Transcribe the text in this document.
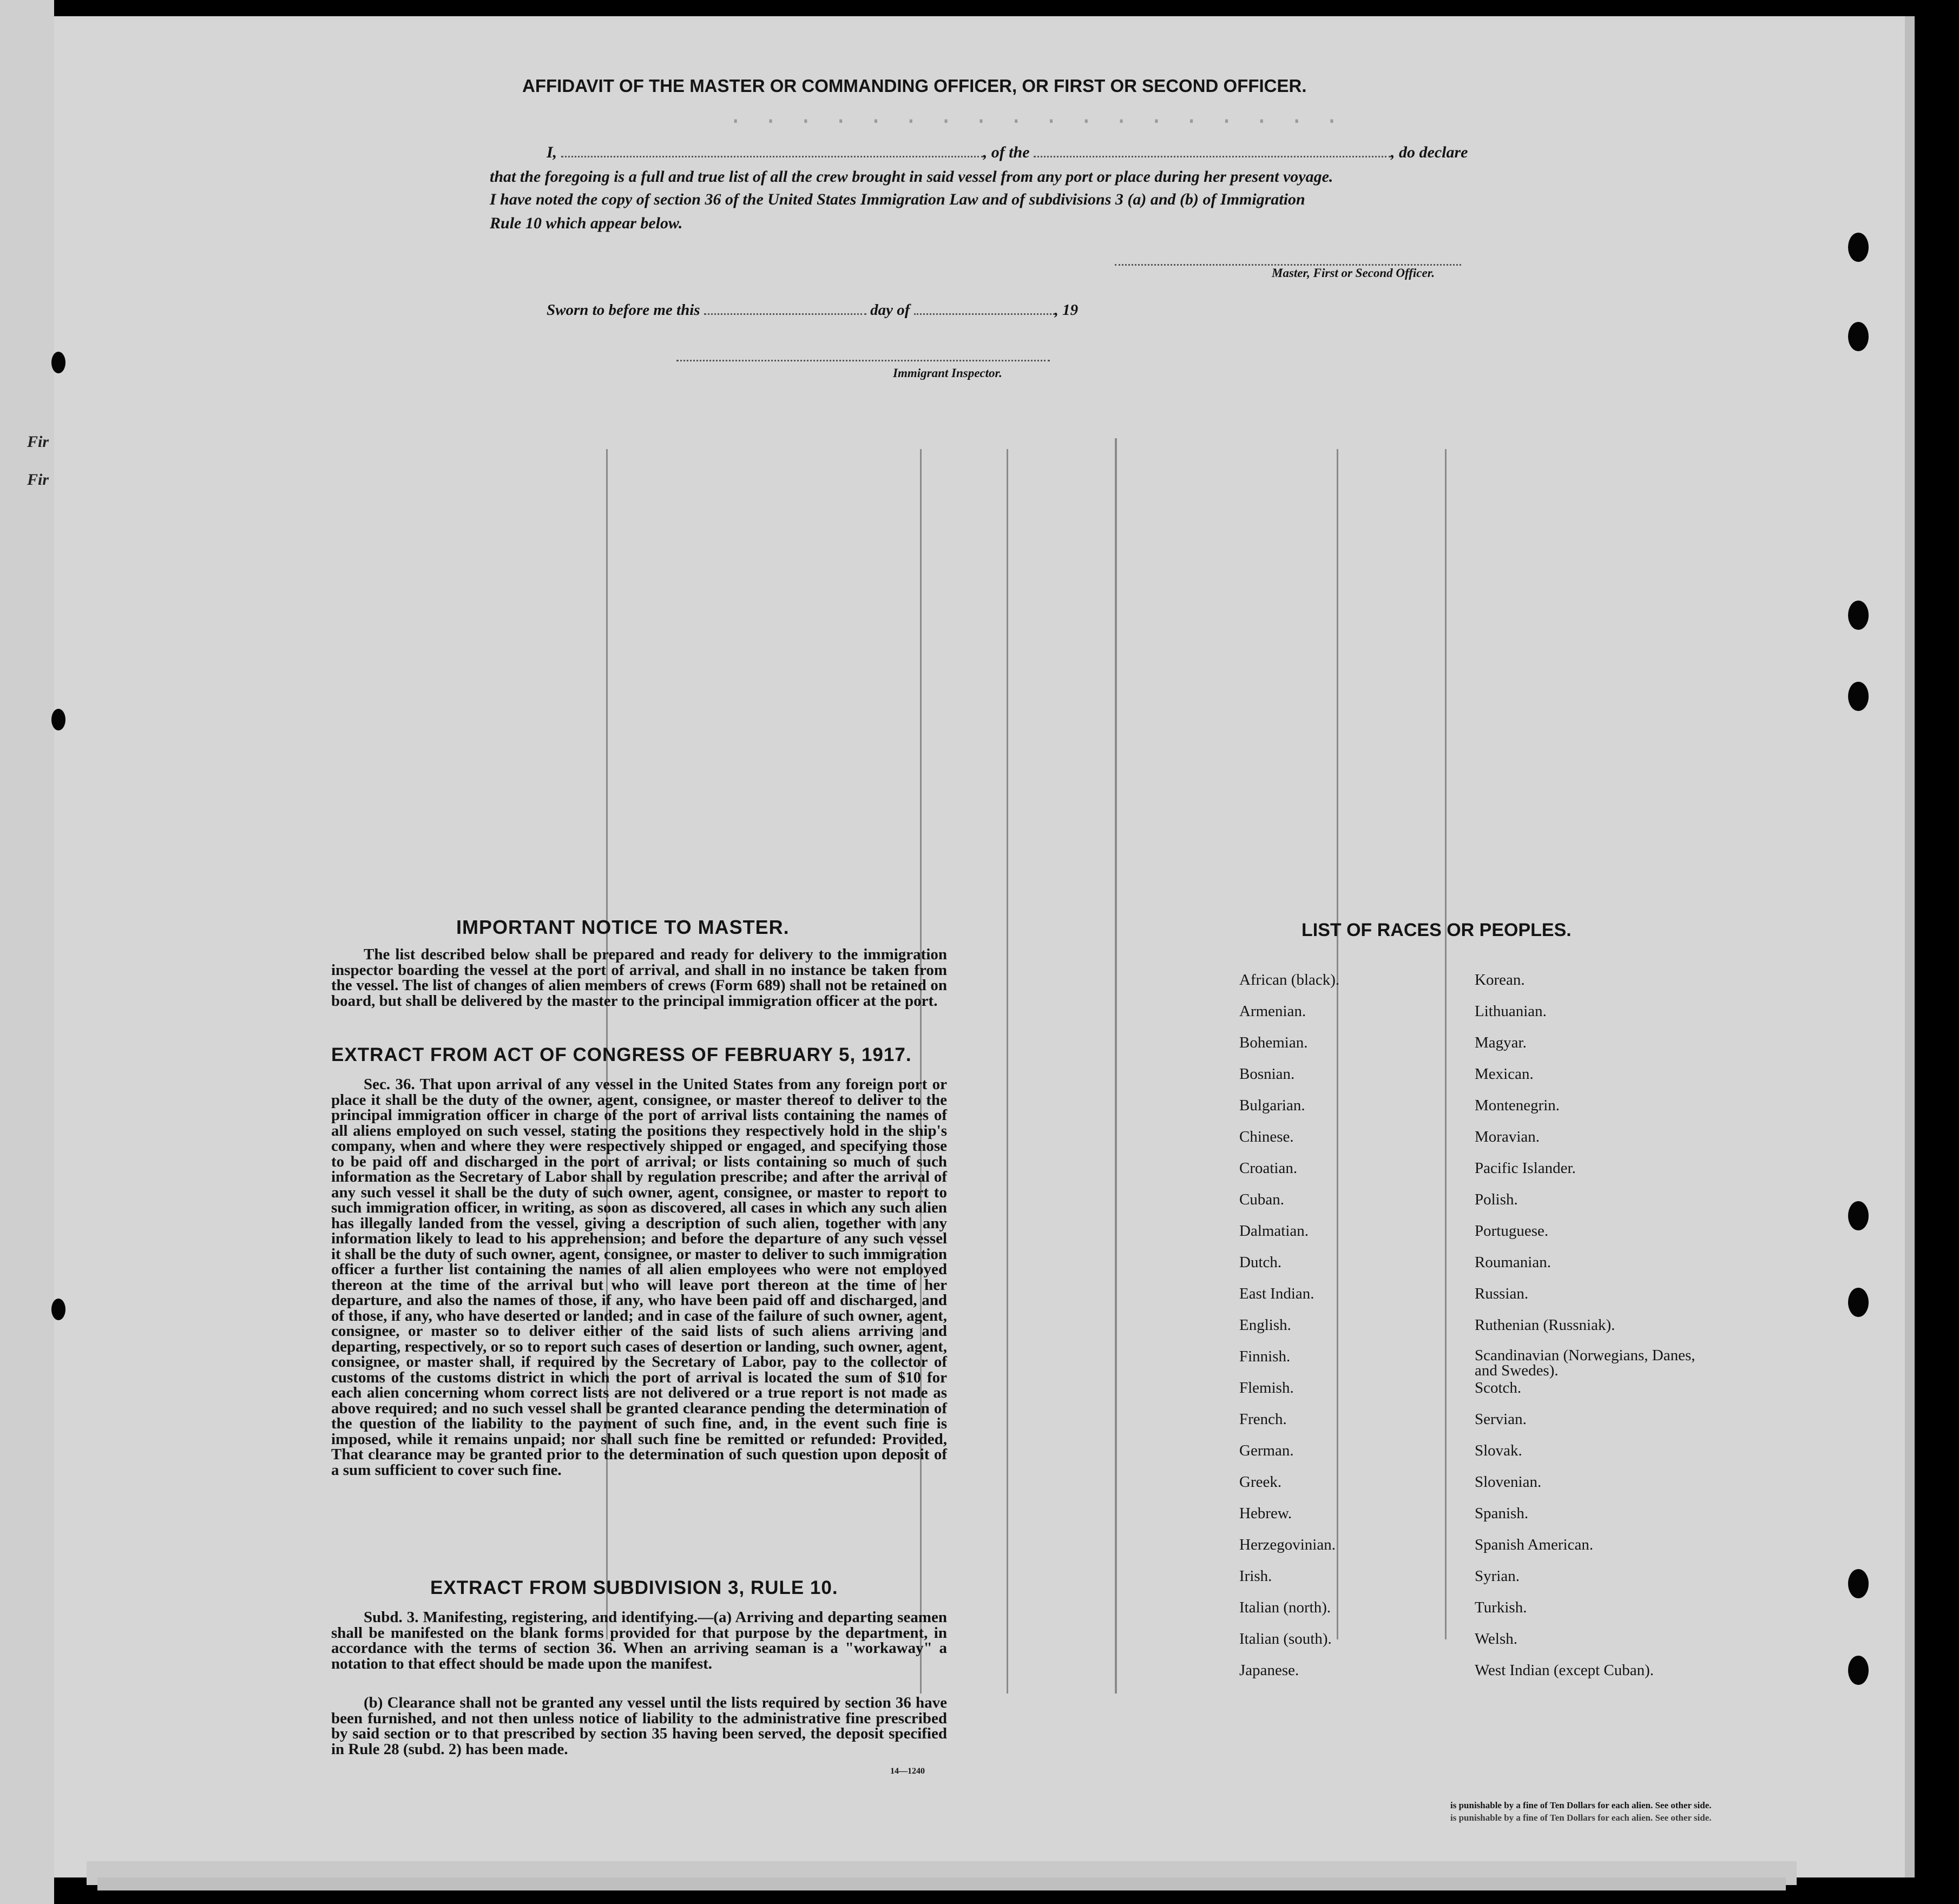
· · · · · · · · · · · · · · · · · ·
Fir
Fir
AFFIDAVIT OF THE MASTER OR COMMANDING OFFICER, OR FIRST OR SECOND OFFICER.
I,	, of the	, do declare
that the foregoing is a full and true list of all the crew brought in said vessel from any port or place during her present voyage.
I have noted the copy of section 36 of the United States Immigration Law and of subdivisions 3 (a) and (b) of Immigration
Rule 10 which appear below.
Master, First or Second Officer.
Sworn to before me this	day of	, 19
Immigrant Inspector.
IMPORTANT NOTICE TO MASTER.
The list described below shall be prepared and ready for delivery to the immigration inspector boarding the vessel at the port of arrival, and shall in no instance be taken from the vessel. The list of changes of alien members of crews (Form 689) shall not be retained on board, but shall be delivered by the master to the principal immigration officer at the port.
EXTRACT FROM ACT OF CONGRESS OF FEBRUARY 5, 1917.
Sec. 36. That upon arrival of any vessel in the United States from any foreign port or place it shall be the duty of the owner, agent, consignee, or master thereof to deliver to the principal immigration officer in charge of the port of arrival lists containing the names of all aliens employed on such vessel, stating the positions they respectively hold in the ship's company, when and where they were respectively shipped or engaged, and specifying those to be paid off and discharged in the port of arrival; or lists containing so much of such information as the Secretary of Labor shall by regulation prescribe; and after the arrival of any such vessel it shall be the duty of such owner, agent, consignee, or master to report to such immigration officer, in writing, as soon as discovered, all cases in which any such alien has illegally landed from the vessel, giving a description of such alien, together with any information likely to lead to his apprehension; and before the departure of any such vessel it shall be the duty of such owner, agent, consignee, or master to deliver to such immigration officer a further list containing the names of all alien employees who were not employed thereon at the time of the arrival but who will leave port thereon at the time of her departure, and also the names of those, if any, who have been paid off and discharged, and of those, if any, who have deserted or landed; and in case of the failure of such owner, agent, consignee, or master so to deliver either of the said lists of such aliens arriving and departing, respectively, or so to report such cases of desertion or landing, such owner, agent, consignee, or master shall, if required by the Secretary of Labor, pay to the collector of customs of the customs district in which the port of arrival is located the sum of $10 for each alien concerning whom correct lists are not delivered or a true report is not made as above required; and no such vessel shall be granted clearance pending the determination of the question of the liability to the payment of such fine, and, in the event such fine is imposed, while it remains unpaid; nor shall such fine be remitted or refunded: Provided, That clearance may be granted prior to the determination of such question upon deposit of a sum sufficient to cover such fine.
EXTRACT FROM SUBDIVISION 3, RULE 10.
Subd. 3. Manifesting, registering, and identifying.—(a) Arriving and departing seamen shall be manifested on the blank forms provided for that purpose by the department, in accordance with the terms of section 36. When an arriving seaman is a "workaway" a notation to that effect should be made upon the manifest.
(b) Clearance shall not be granted any vessel until the lists required by section 36 have been furnished, and not then unless notice of liability to the administrative fine prescribed by said section or to that prescribed by section 35 having been served, the deposit specified in Rule 28 (subd. 2) has been made.
14—1240
LIST OF RACES OR PEOPLES.
African (black).
Armenian.
Bohemian.
Bosnian.
Bulgarian.
Chinese.
Croatian.
Cuban.
Dalmatian.
Dutch.
East Indian.
English.
Finnish.
Flemish.
French.
German.
Greek.
Hebrew.
Herzegovinian.
Irish.
Italian (north).
Italian (south).
Japanese.
Korean.
Lithuanian.
Magyar.
Mexican.
Montenegrin.
Moravian.
Pacific Islander.
Polish.
Portuguese.
Roumanian.
Russian.
Ruthenian (Russniak).
Scandinavian (Norwegians, Danes, and Swedes).
Scotch.
Servian.
Slovak.
Slovenian.
Spanish.
Spanish American.
Syrian.
Turkish.
Welsh.
West Indian (except Cuban).
is punishable by a fine of Ten Dollars for each alien. See other side.
is punishable by a fine of Ten Dollars for each alien. See other side.
